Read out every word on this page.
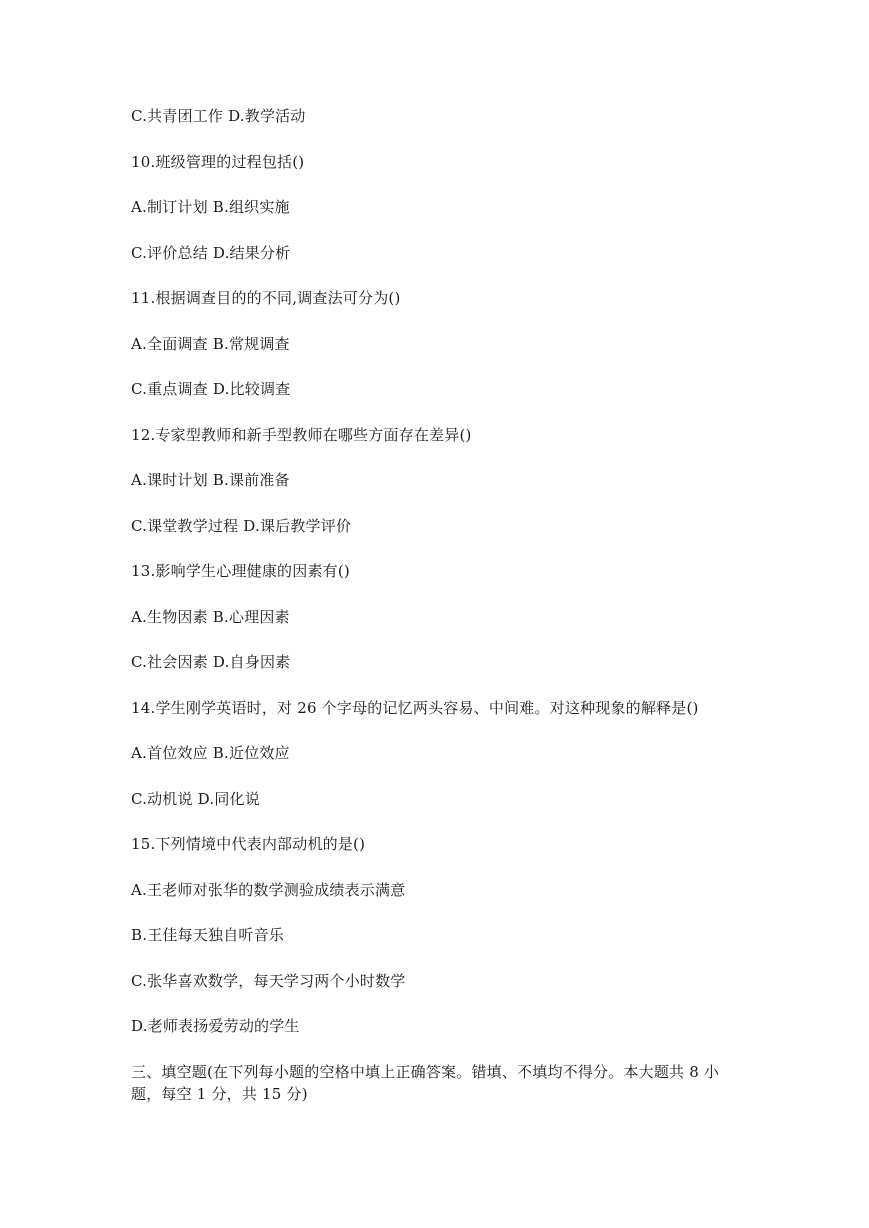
C.共青团工作 D.教学活动
10.班级管理的过程包括()
A.制订计划 B.组织实施
C.评价总结 D.结果分析
11.根据调查目的的不同,调查法可分为()
A.全面调查 B.常规调查
C.重点调查 D.比较调查
12.专家型教师和新手型教师在哪些方面存在差异()
A.课时计划 B.课前准备
C.课堂教学过程 D.课后教学评价
13.影响学生心理健康的因素有()
A.生物因素 B.心理因素
C.社会因素 D.自身因素
14.学生刚学英语时，对 26 个字母的记忆两头容易、中间难。对这种现象的解释是()
A.首位效应 B.近位效应
C.动机说 D.同化说
15.下列情境中代表内部动机的是()
A.王老师对张华的数学测验成绩表示满意
B.王佳每天独自听音乐
C.张华喜欢数学，每天学习两个小时数学
D.老师表扬爱劳动的学生
三、填空题(在下列每小题的空格中填上正确答案。错填、不填均不得分。本大题共 8 小题，每空 1 分，共 15 分)
